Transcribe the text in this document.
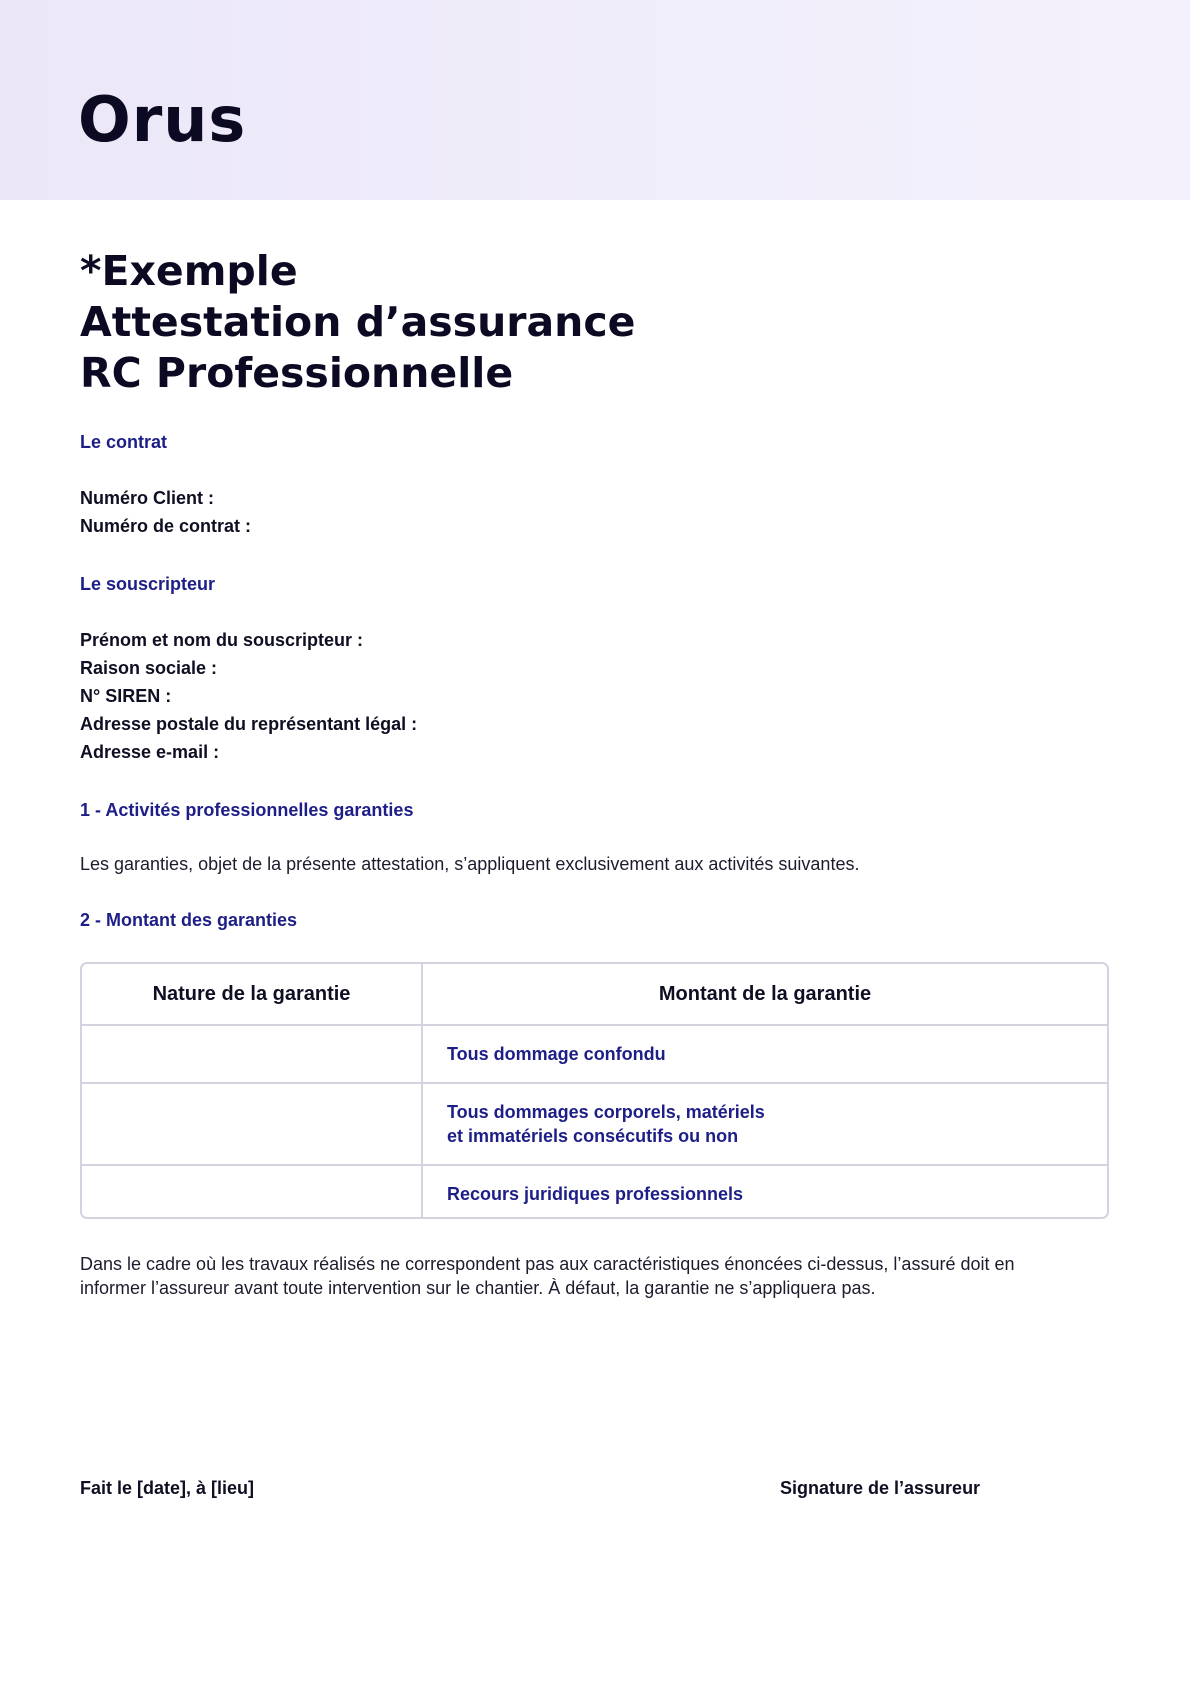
Orus
*Exemple
Attestation d’assurance
RC Professionnelle
Le contrat
Numéro Client :
Numéro de contrat :
Le souscripteur
Prénom et nom du souscripteur :
Raison sociale :
N° SIREN :
Adresse postale du représentant légal :
Adresse e-mail :
1 - Activités professionnelles garanties
Les garanties, objet de la présente attestation, s’appliquent exclusivement aux activités suivantes.
2 - Montant des garanties
Nature de la garantie	Montant de la garantie
Tous dommage confondu
Tous dommages corporels, matériels
et immatériels consécutifs ou non
Recours juridiques professionnels
Dans le cadre où les travaux réalisés ne correspondent pas aux caractéristiques énoncées ci-dessus, l’assuré doit en
informer l’assureur avant toute intervention sur le chantier. À défaut, la garantie ne s’appliquera pas.
Fait le [date], à [lieu]	Signature de l’assureur
